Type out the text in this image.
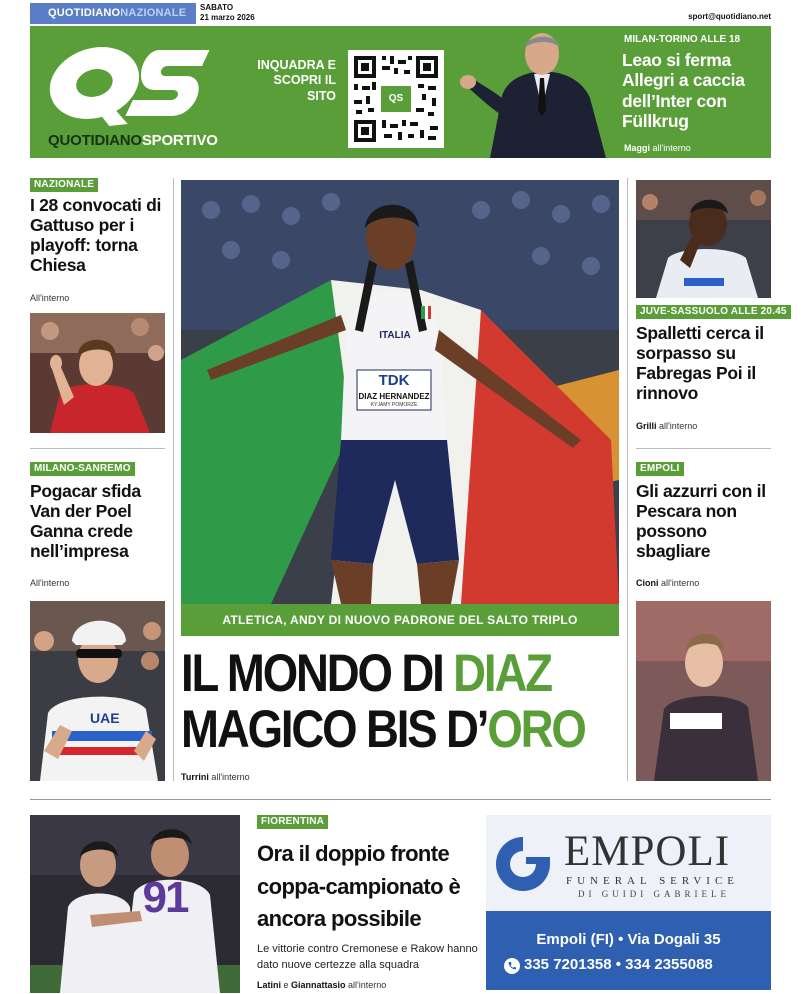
QUOTIDIANONAZIONALE	SABATO
21 marzo 2026	sport@quotidiano.net
QS
QUOTIDIANOSPORTIVO
INQUADRA E SCOPRI IL SITO	QS
MILAN-TORINO ALLE 18
Leao si ferma Allegri a caccia dell’Inter con Füllkrug
Maggi all'interno
NAZIONALE
I 28 convocati di Gattuso per i playoff: torna Chiesa
All'interno
MILANO-SANREMO
Pogacar sfida Van der Poel Ganna crede nell’impresa
All'interno
UAE
TDK
DIAZ HERNANDEZ
KYJAMY POMORZE
ITALIA
ATLETICA, ANDY DI NUOVO PADRONE DEL SALTO TRIPLO
IL MONDO DI DIAZ
MAGICO BIS D’ORO
Turrini all'interno
JUVE-SASSUOLO ALLE 20.45
Spalletti cerca il sorpasso su Fabregas Poi il rinnovo
Grilli all'interno
EMPOLI
Gli azzurri con il Pescara non possono sbagliare
Cioni all'interno
91
FIORENTINA
Ora il doppio fronte coppa-campionato è ancora possibile
Le vittorie contro Cremonese e Rakow hanno dato nuove certezze alla squadra
Latini e Giannattasio all'interno
EMPOLI
FUNERAL SERVICE
DI GUIDI GABRIELE
Empoli (FI) • Via Dogali 35
335 7201358 • 334 2355088
